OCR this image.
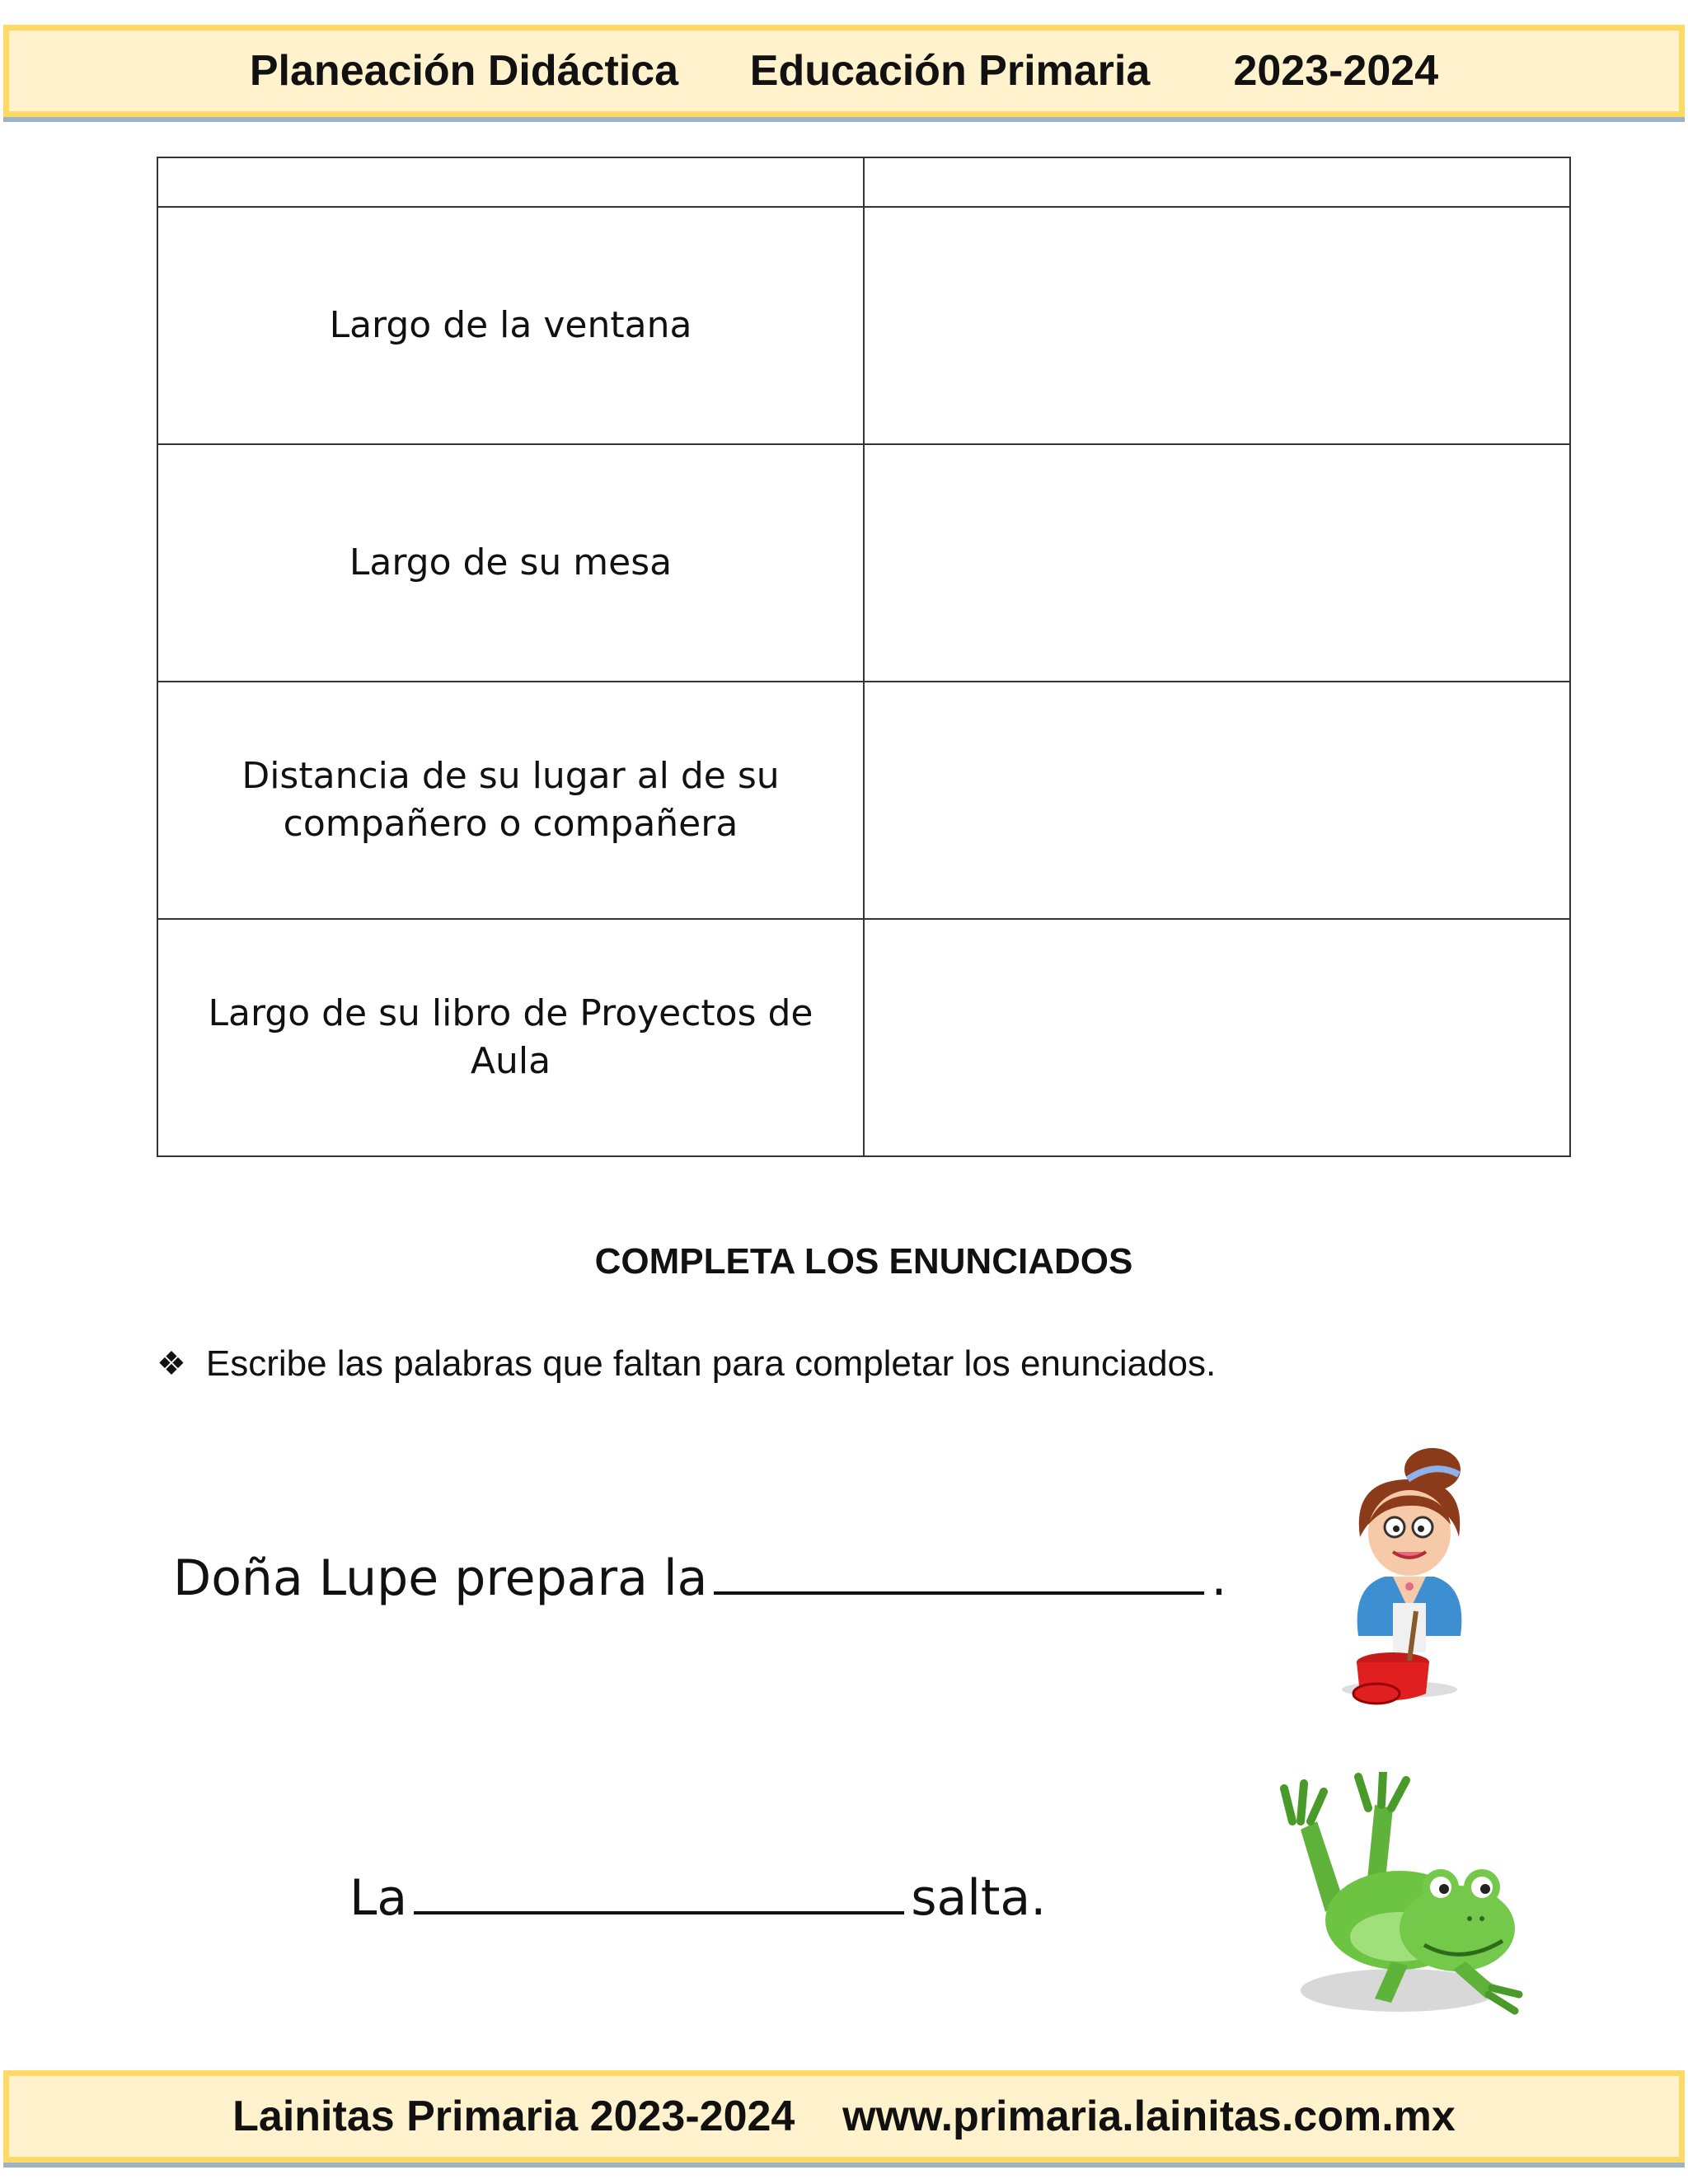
Planeación Didáctica
Educación Primaria
2023-2024

Largo de la ventana	
Largo de su mesa	
Distancia de su lugar al de su compañero o compañera	
Largo de su libro de Proyectos de Aula	
COMPLETA LOS ENUNCIADOS
❖ Escribe las palabras que faltan para completar los enunciados.
Doña Lupe prepara la	.
La	salta.
Lainitas Primaria 2023-2024
www.primaria.lainitas.com.mx
